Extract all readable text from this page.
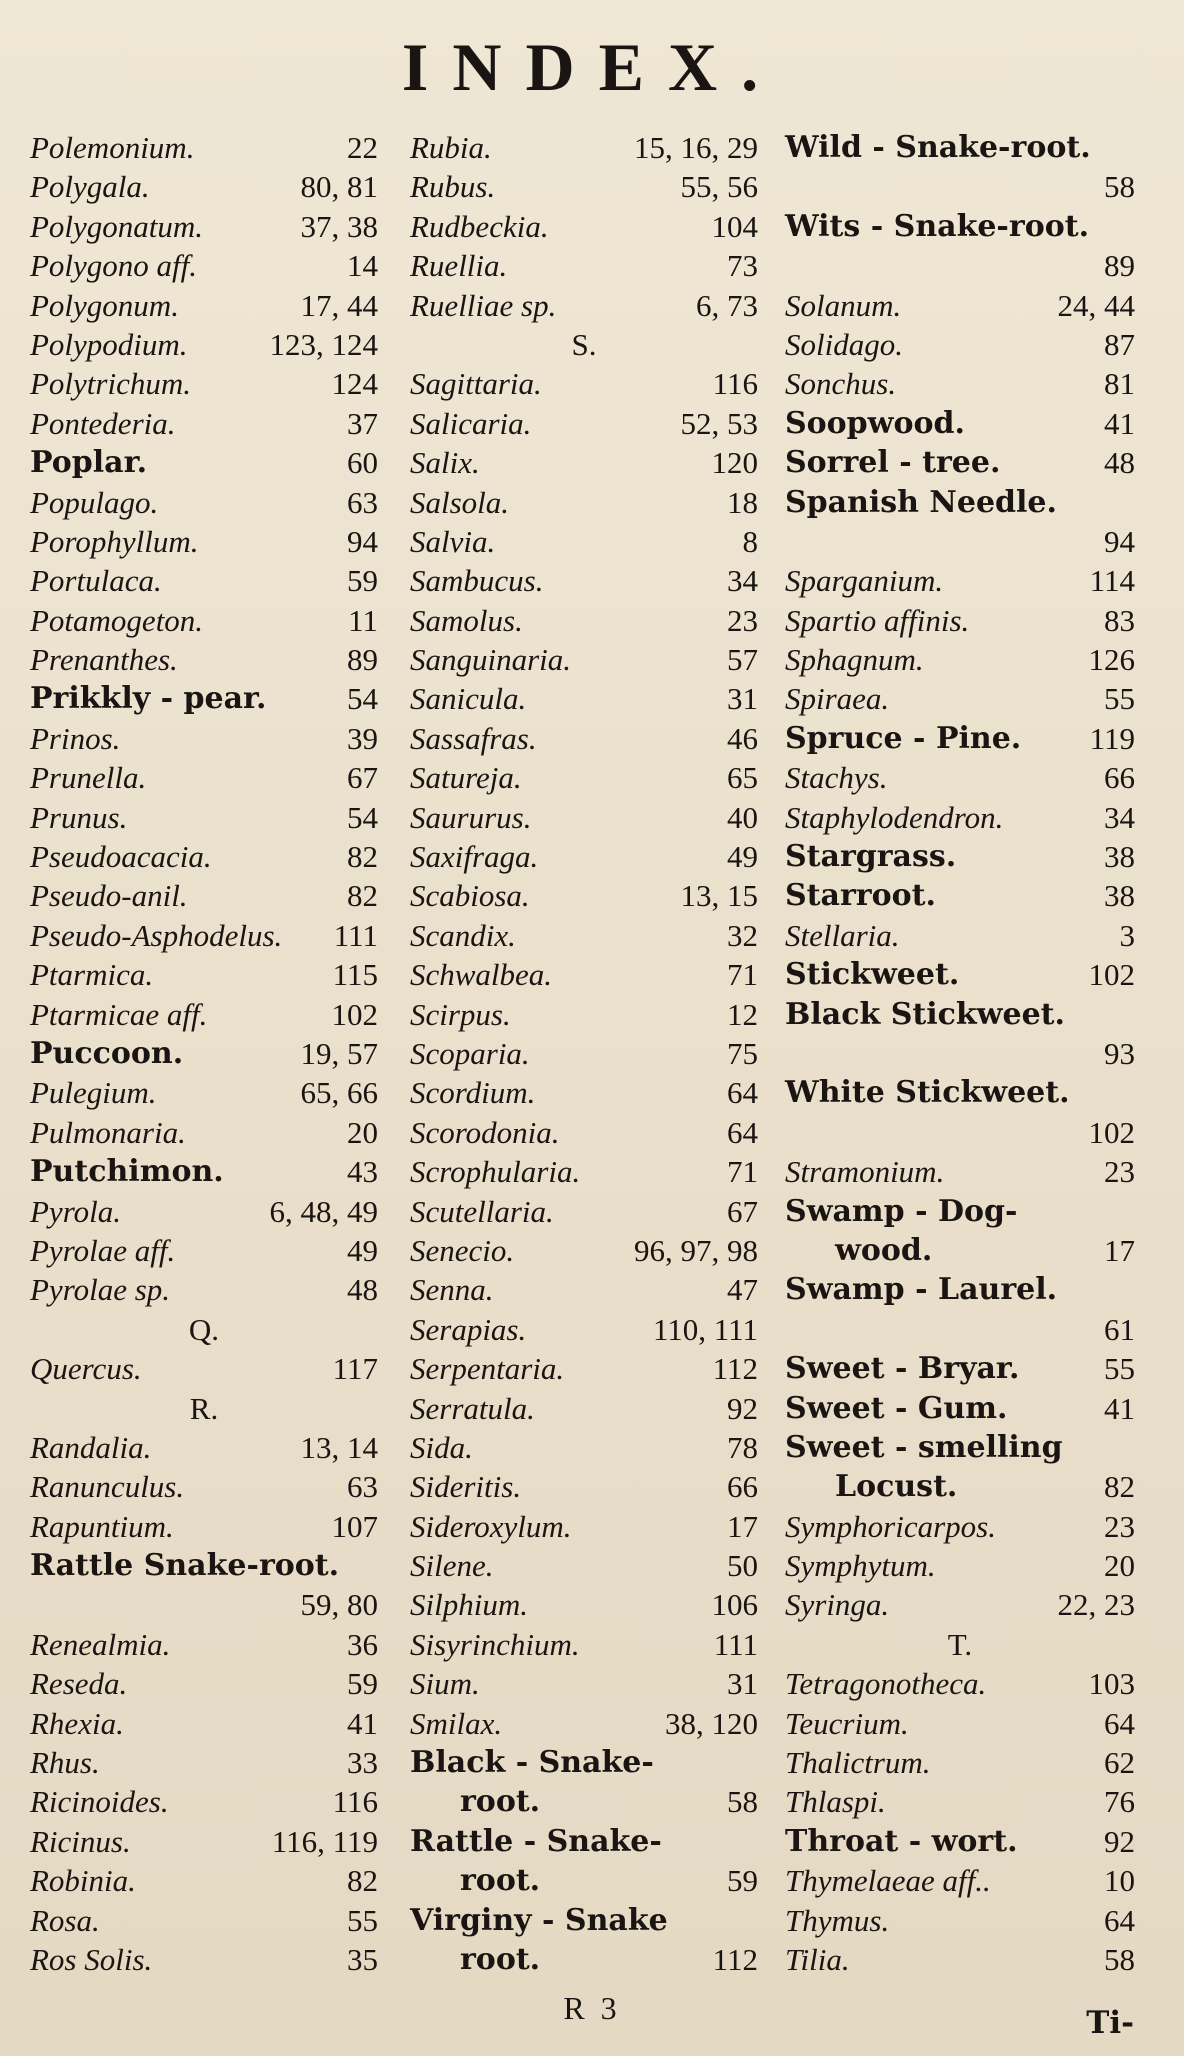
INDEX.
Polemonium.	22
Polygala.	80, 81
Polygonatum.	37, 38
Polygono aff.	14
Polygonum.	17, 44
Polypodium.	123, 124
Polytrichum.	124
Pontederia.	37
Poplar.	60
Populago.	63
Porophyllum.	94
Portulaca.	59
Potamogeton.	11
Prenanthes.	89
Prikkly - pear.	54
Prinos.	39
Prunella.	67
Prunus.	54
Pseudoacacia.	82
Pseudo-anil.	82
Pseudo-Asphodelus. 111
Ptarmica.	115
Ptarmicae aff.	102
Puccoon.	19, 57
Pulegium.	65, 66
Pulmonaria.	20
Putchimon.	43
Pyrola.	6, 48, 49
Pyrolae aff.	49
Pyrolae sp.	48
Q.
Quercus.	117
R.
Randalia.	13, 14
Ranunculus.	63
Rapuntium.	107
Rattle Snake-root.
59, 80
Renealmia.	36
Reseda.	59
Rhexia.	41
Rhus.	33
Ricinoides.	116
Ricinus.	116, 119
Robinia.	82
Rosa.	55
Ros Solis.	35
Rubia.	15, 16, 29
Rubus.	55, 56
Rudbeckia.	104
Ruellia.	73
Ruelliae sp.	6, 73
S.
Sagittaria.	116
Salicaria.	52, 53
Salix.	120
Salsola.	18
Salvia.	8
Sambucus.	34
Samolus.	23
Sanguinaria.	57
Sanicula.	31
Sassafras.	46
Satureja.	65
Saururus.	40
Saxifraga.	49
Scabiosa.	13, 15
Scandix.	32
Schwalbea.	71
Scirpus.	12
Scoparia.	75
Scordium.	64
Scorodonia.	64
Scrophularia.	71
Scutellaria.	67
Senecio.	96, 97, 98
Senna.	47
Serapias.	110, 111
Serpentaria.	112
Serratula.	92
Sida.	78
Sideritis.	66
Sideroxylum.	17
Silene.	50
Silphium.	106
Sisyrinchium.	111
Sium.	31
Smilax.	38, 120
Black - Snake-
root.	58
Rattle - Snake-
root.	59
Virginy - Snake
root.	112
Wild - Snake-root.
58
Wits - Snake-root.
89
Solanum.	24, 44
Solidago.	87
Sonchus.	81
Soopwood.	41
Sorrel - tree.	48
Spanish Needle.
94
Sparganium.	114
Spartio affinis.	83
Sphagnum.	126
Spiraea.	55
Spruce - Pine. 119
Stachys.	66
Staphylodendron.	34
Stargrass.	38
Starroot.	38
Stellaria.	3
Stickweet.	102
Black Stickweet.
93
White Stickweet.
102
Stramonium.	23
Swamp - Dog-
wood.	17
Swamp - Laurel.
61
Sweet - Bryar.	55
Sweet - Gum.	41
Sweet - smelling
Locust.	82
Symphoricarpos.	23
Symphytum.	20
Syringa.	22, 23
T.
Tetragonotheca.	103
Teucrium.	64
Thalictrum.	62
Thlaspi.	76
Throat - wort.	92
Thymelaeae aff..	10
Thymus.	64
Tilia.	58
R 3	Ti-
